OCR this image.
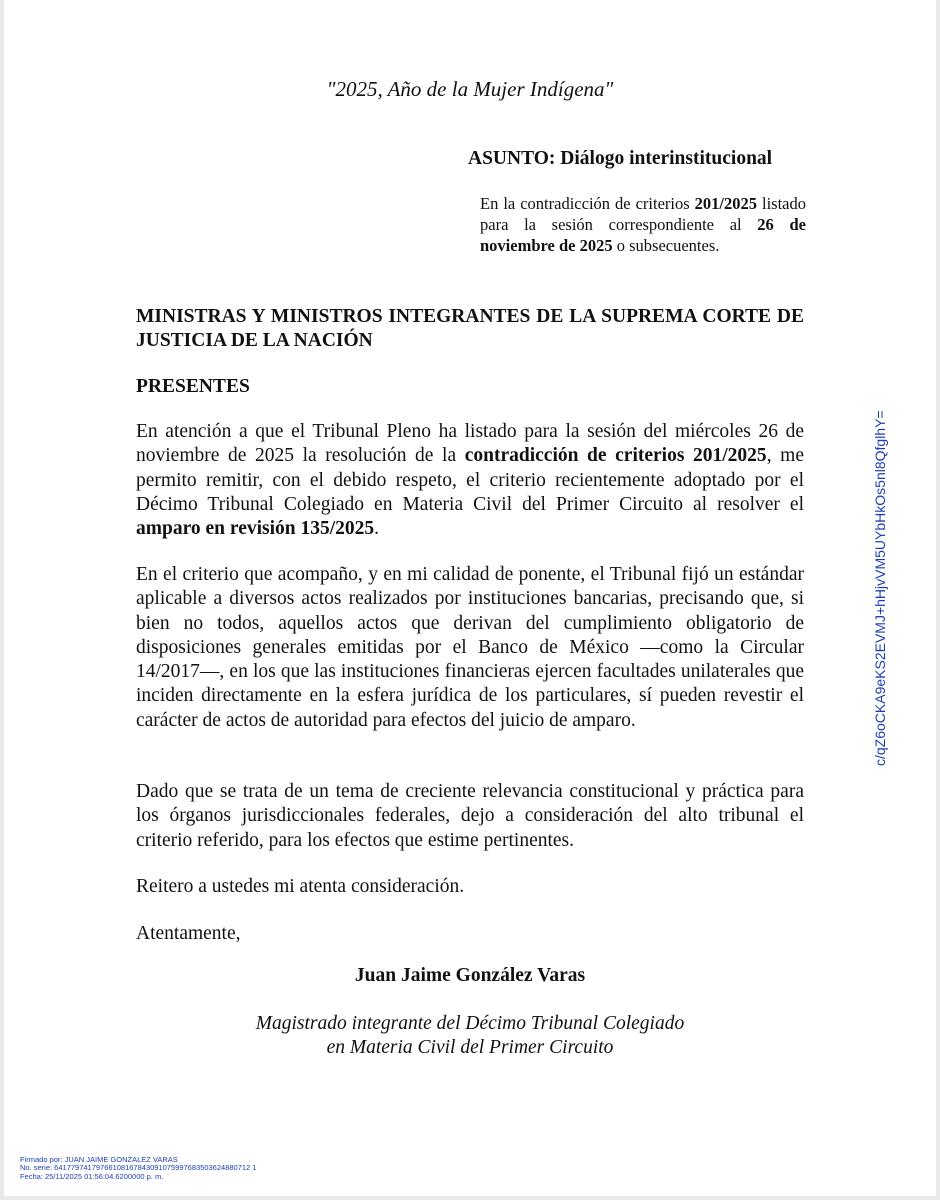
"2025, Año de la Mujer Indígena"

ASUNTO: Diálogo interinstitucional

En la contradicción de criterios 201/2025 listado para la sesión correspondiente al 26 de noviembre de 2025 o subsecuentes.

MINISTRAS Y MINISTROS INTEGRANTES DE LA SUPREMA CORTE DE JUSTICIA DE LA NACIÓN

PRESENTES

En atención a que el Tribunal Pleno ha listado para la sesión del miércoles 26 de noviembre de 2025 la resolución de la contradicción de criterios 201/2025, me permito remitir, con el debido respeto, el criterio recientemente adoptado por el Décimo Tribunal Colegiado en Materia Civil del Primer Circuito al resolver el amparo en revisión 135/2025.

En el criterio que acompaño, y en mi calidad de ponente, el Tribunal fijó un estándar aplicable a diversos actos realizados por instituciones bancarias, precisando que, si bien no todos, aquellos actos que derivan del cumplimiento obligatorio de disposiciones generales emitidas por el Banco de México —como la Circular 14/2017—, en los que las instituciones financieras ejercen facultades unilaterales que inciden directamente en la esfera jurídica de los particulares, sí pueden revestir el carácter de actos de autoridad para efectos del juicio de amparo.

Dado que se trata de un tema de creciente relevancia constitucional y práctica para los órganos jurisdiccionales federales, dejo a consideración del alto tribunal el criterio referido, para los efectos que estime pertinentes.

Reitero a ustedes mi atenta consideración.

Atentamente,

Juan Jaime González Varas

Magistrado integrante del Décimo Tribunal Colegiado
en Materia Civil del Primer Circuito
c/qZ6oCKA9eKS2EVMJ+hHjvVM5UYbHkOs5nl8QfglhY=
Firmado por: JUAN JAIME GONZALEZ VARAS
No. serie: 64177974179766108167843091075997683503624880712 1
Fecha: 25/11/2025 01:56:04.6200000 p. m.
